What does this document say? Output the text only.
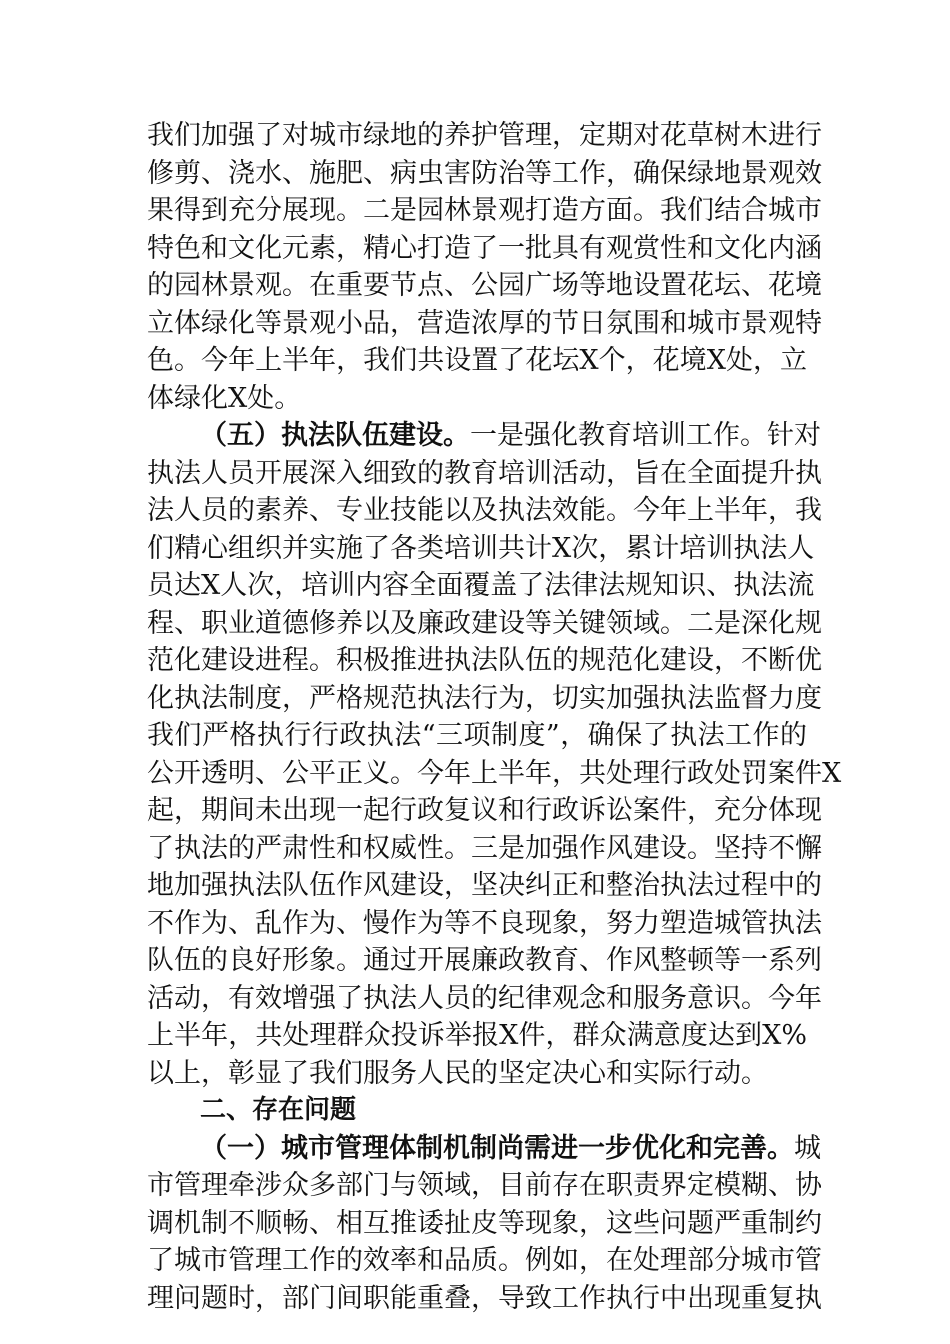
我们加强了对城市绿地的养护管理，定期对花草树木进行
修剪、浇水、施肥、病虫害防治等工作，确保绿地景观效
果得到充分展现。二是园林景观打造方面。我们结合城市
特色和文化元素，精心打造了一批具有观赏性和文化内涵
的园林景观。在重要节点、公园广场等地设置花坛、花境
立体绿化等景观小品，营造浓厚的节日氛围和城市景观特
色。今年上半年，我们共设置了花坛X个，花境X处，立
体绿化X处。
（五）执法队伍建设。一是强化教育培训工作。针对
执法人员开展深入细致的教育培训活动，旨在全面提升执
法人员的素养、专业技能以及执法效能。今年上半年，我
们精心组织并实施了各类培训共计X次，累计培训执法人
员达X人次，培训内容全面覆盖了法律法规知识、执法流
程、职业道德修养以及廉政建设等关键领域。二是深化规
范化建设进程。积极推进执法队伍的规范化建设，不断优
化执法制度，严格规范执法行为，切实加强执法监督力度
我们严格执行行政执法“三项制度”，确保了执法工作的
公开透明、公平正义。今年上半年，共处理行政处罚案件X
起，期间未出现一起行政复议和行政诉讼案件，充分体现
了执法的严肃性和权威性。三是加强作风建设。坚持不懈
地加强执法队伍作风建设，坚决纠正和整治执法过程中的
不作为、乱作为、慢作为等不良现象，努力塑造城管执法
队伍的良好形象。通过开展廉政教育、作风整顿等一系列
活动，有效增强了执法人员的纪律观念和服务意识。今年
上半年，共处理群众投诉举报X件，群众满意度达到X%
以上，彰显了我们服务人民的坚定决心和实际行动。
二、存在问题
（一）城市管理体制机制尚需进一步优化和完善。城
市管理牵涉众多部门与领域，目前存在职责界定模糊、协
调机制不顺畅、相互推诿扯皮等现象，这些问题严重制约
了城市管理工作的效率和品质。例如，在处理部分城市管
理问题时，部门间职能重叠，导致工作执行中出现重复执
